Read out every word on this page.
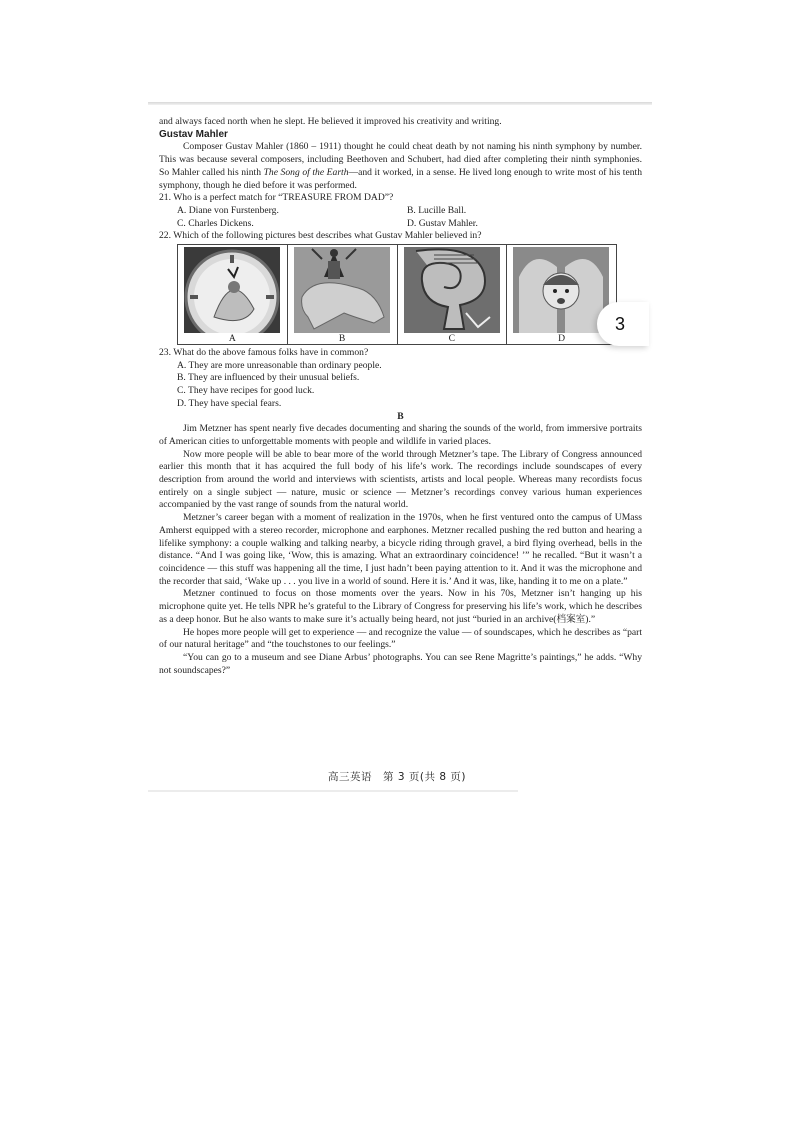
and always faced north when he slept. He believed it improved his creativity and writing.

Gustav Mahler

Composer Gustav Mahler (1860 – 1911) thought he could cheat death by not naming his ninth symphony by number. This was because several composers, including Beethoven and Schubert, had died after completing their ninth symphonies. So Mahler called his ninth The Song of the Earth—and it worked, in a sense. He lived long enough to write most of his tenth symphony, though he died before it was performed.

21. Who is a perfect match for “TREASURE FROM DAD”?

A. Diane von Furstenberg.	B. Lucille Ball.
C. Charles Dickens.	D. Gustav Mahler.

22. Which of the following pictures best describes what Gustav Mahler believed in?

A	B	C	D

23. What do the above famous folks have in common?

A. They are more unreasonable than ordinary people.

B. They are influenced by their unusual beliefs.

C. They have recipes for good luck.

D. They have special fears.

B

Jim Metzner has spent nearly five decades documenting and sharing the sounds of the world, from immersive portraits of American cities to unforgettable moments with people and wildlife in varied places.

Now more people will be able to bear more of the world through Metzner’s tape. The Library of Congress announced earlier this month that it has acquired the full body of his life’s work. The recordings include soundscapes of every description from around the world and interviews with scientists, artists and local people. Whereas many recordists focus entirely on a single subject — nature, music or science — Metzner’s recordings convey various human experiences accompanied by the vast range of sounds from the natural world.

Metzner’s career began with a moment of realization in the 1970s, when he first ventured onto the campus of UMass Amherst equipped with a stereo recorder, microphone and earphones. Metzner recalled pushing the red button and hearing a lifelike symphony: a couple walking and talking nearby, a bicycle riding through gravel, a bird flying overhead, bells in the distance. “And I was going like, ‘Wow, this is amazing. What an extraordinary coincidence! ’” he recalled. “But it wasn’t a coincidence — this stuff was happening all the time, I just hadn’t been paying attention to it. And it was the microphone and the recorder that said, ‘Wake up . . . you live in a world of sound. Here it is.’ And it was, like, handing it to me on a plate.”

Metzner continued to focus on those moments over the years. Now in his 70s, Metzner isn’t hanging up his microphone quite yet. He tells NPR he’s grateful to the Library of Congress for preserving his life’s work, which he describes as a deep honor. But he also wants to make sure it’s actually being heard, not just “buried in an archive(档案室).”

He hopes more people will get to experience — and recognize the value — of soundscapes, which he describes as “part of our natural heritage” and “the touchstones to our feelings.”

“You can go to a museum and see Diane Arbus’ photographs. You can see Rene Magritte’s paintings,” he adds. “Why not soundscapes?”

高三英语　第 3 页(共 8 页)
3
